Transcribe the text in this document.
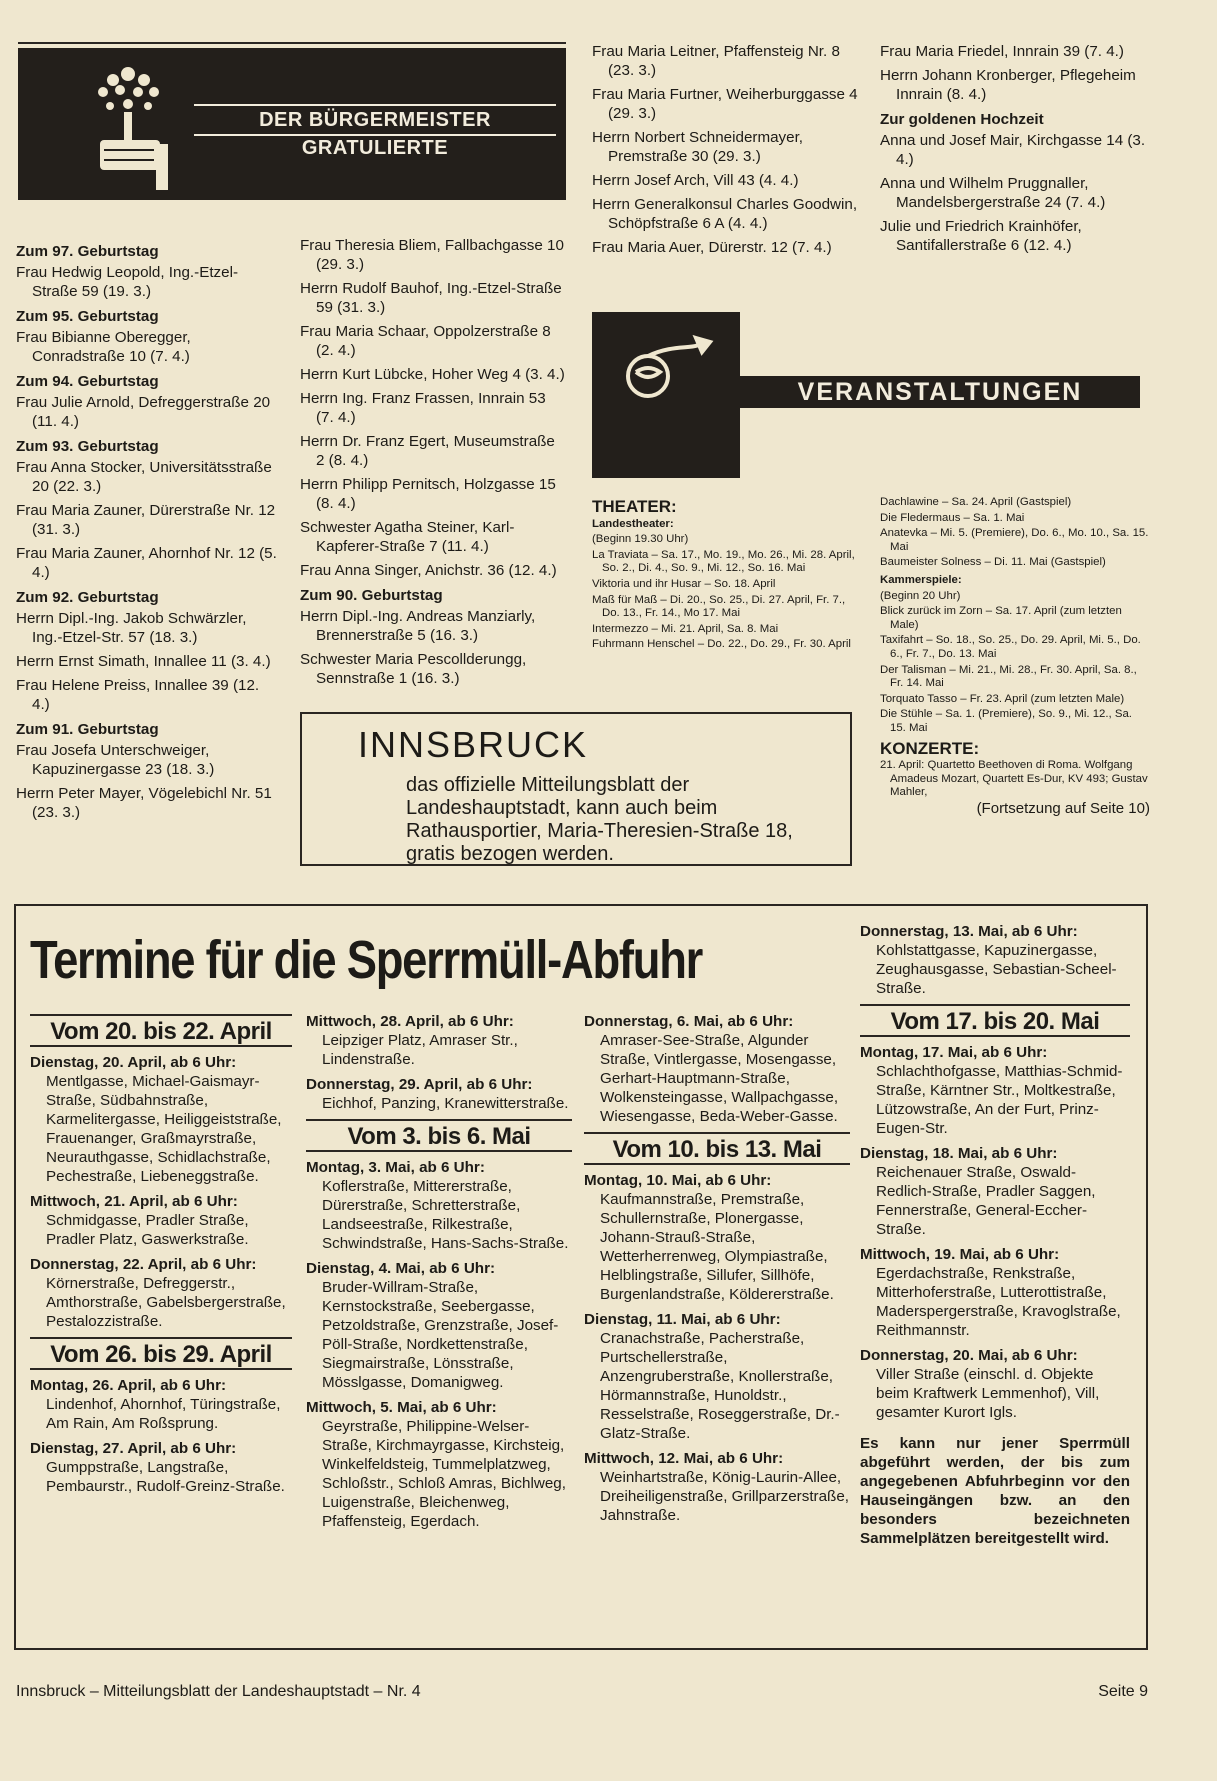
DER BÜRGERMEISTER GRATULIERTE

Zum 97. Geburtstag

Frau Hedwig Leopold, Ing.-Etzel-Straße 59 (19. 3.)

Zum 95. Geburtstag

Frau Bibianne Oberegger, Conradstraße 10 (7. 4.)

Zum 94. Geburtstag

Frau Julie Arnold, Defreggerstraße 20 (11. 4.)

Zum 93. Geburtstag

Frau Anna Stocker, Universitätsstraße 20 (22. 3.)

Frau Maria Zauner, Dürerstraße Nr. 12 (31. 3.)

Frau Maria Zauner, Ahornhof Nr. 12 (5. 4.)

Zum 92. Geburtstag

Herrn Dipl.-Ing. Jakob Schwärzler, Ing.-Etzel-Str. 57 (18. 3.)

Herrn Ernst Simath, Innallee 11 (3. 4.)

Frau Helene Preiss, Innallee 39 (12. 4.)

Zum 91. Geburtstag

Frau Josefa Unterschweiger, Kapuzinergasse 23 (18. 3.)

Herrn Peter Mayer, Vögelebichl Nr. 51 (23. 3.)

Frau Theresia Bliem, Fallbachgasse 10 (29. 3.)

Herrn Rudolf Bauhof, Ing.-Etzel-Straße 59 (31. 3.)

Frau Maria Schaar, Oppolzerstraße 8 (2. 4.)

Herrn Kurt Lübcke, Hoher Weg 4 (3. 4.)

Herrn Ing. Franz Frassen, Innrain 53 (7. 4.)

Herrn Dr. Franz Egert, Museumstraße 2 (8. 4.)

Herrn Philipp Pernitsch, Holzgasse 15 (8. 4.)

Schwester Agatha Steiner, Karl-Kapferer-Straße 7 (11. 4.)

Frau Anna Singer, Anichstr. 36 (12. 4.)

Zum 90. Geburtstag

Herrn Dipl.-Ing. Andreas Manziarly, Brennerstraße 5 (16. 3.)

Schwester Maria Pescollderungg, Sennstraße 1 (16. 3.)

Frau Maria Leitner, Pfaffensteig Nr. 8 (23. 3.)

Frau Maria Furtner, Weiherburggasse 4 (29. 3.)

Herrn Norbert Schneidermayer, Premstraße 30 (29. 3.)

Herrn Josef Arch, Vill 43 (4. 4.)

Herrn Generalkonsul Charles Goodwin, Schöpfstraße 6 A (4. 4.)

Frau Maria Auer, Dürerstr. 12 (7. 4.)

Frau Maria Friedel, Innrain 39 (7. 4.)

Herrn Johann Kronberger, Pflegeheim Innrain (8. 4.)

Zur goldenen Hochzeit

Anna und Josef Mair, Kirchgasse 14 (3. 4.)

Anna und Wilhelm Pruggnaller, Mandelsbergerstraße 24 (7. 4.)

Julie und Friedrich Krainhöfer, Santifallerstraße 6 (12. 4.)

INNSBRUCK
das offizielle Mitteilungsblatt der Landeshauptstadt, kann auch beim Rathausportier, Maria-Theresien-Straße 18, gratis bezogen werden.
VERANSTALTUNGEN
THEATER:

Landestheater:

(Beginn 19.30 Uhr)

La Traviata – Sa. 17., Mo. 19., Mo. 26., Mi. 28. April, So. 2., Di. 4., So. 9., Mi. 12., So. 16. Mai

Viktoria und ihr Husar – So. 18. April

Maß für Maß – Di. 20., So. 25., Di. 27. April, Fr. 7., Do. 13., Fr. 14., Mo 17. Mai

Intermezzo – Mi. 21. April, Sa. 8. Mai

Fuhrmann Henschel – Do. 22., Do. 29., Fr. 30. April

Dachlawine – Sa. 24. April (Gastspiel)

Die Fledermaus – Sa. 1. Mai

Anatevka – Mi. 5. (Premiere), Do. 6., Mo. 10., Sa. 15. Mai

Baumeister Solness – Di. 11. Mai (Gastspiel)

Kammerspiele:

(Beginn 20 Uhr)

Blick zurück im Zorn – Sa. 17. April (zum letzten Male)

Taxifahrt – So. 18., So. 25., Do. 29. April, Mi. 5., Do. 6., Fr. 7., Do. 13. Mai

Der Talisman – Mi. 21., Mi. 28., Fr. 30. April, Sa. 8., Fr. 14. Mai

Torquato Tasso – Fr. 23. April (zum letzten Male)

Die Stühle – Sa. 1. (Premiere), So. 9., Mi. 12., Sa. 15. Mai

KONZERTE:

21. April: Quartetto Beethoven di Roma. Wolfgang Amadeus Mozart, Quartett Es-Dur, KV 493; Gustav Mahler,

(Fortsetzung auf Seite 10)
Termine für die Sperrmüll-Abfuhr
Vom 20. bis 22. April

Dienstag, 20. April, ab 6 Uhr:

Mentlgasse, Michael-Gaismayr-Straße, Südbahnstraße, Karmelitergasse, Heiliggeiststraße, Frauenanger, Graßmayrstraße, Neurauthgasse, Schidlachstraße, Pechestraße, Liebeneggstraße.

Mittwoch, 21. April, ab 6 Uhr:

Schmidgasse, Pradler Straße, Pradler Platz, Gaswerkstraße.

Donnerstag, 22. April, ab 6 Uhr:

Körnerstraße, Defreggerstr., Amthorstraße, Gabelsbergerstraße, Pestalozzistraße.

Vom 26. bis 29. April

Montag, 26. April, ab 6 Uhr:

Lindenhof, Ahornhof, Türingstraße, Am Rain, Am Roßsprung.

Dienstag, 27. April, ab 6 Uhr:

Gumppstraße, Langstraße, Pembaurstr., Rudolf-Greinz-Straße.

Mittwoch, 28. April, ab 6 Uhr:

Leipziger Platz, Amraser Str., Lindenstraße.

Donnerstag, 29. April, ab 6 Uhr:

Eichhof, Panzing, Kranewitterstraße.

Vom 3. bis 6. Mai

Montag, 3. Mai, ab 6 Uhr:

Koflerstraße, Mittererstraße, Dürerstraße, Schretterstraße, Landseestraße, Rilkestraße, Schwindstraße, Hans-Sachs-Straße.

Dienstag, 4. Mai, ab 6 Uhr:

Bruder-Willram-Straße, Kernstockstraße, Seebergasse, Petzoldstraße, Grenzstraße, Josef-Pöll-Straße, Nordkettenstraße, Siegmairstraße, Lönsstraße, Mösslgasse, Domanigweg.

Mittwoch, 5. Mai, ab 6 Uhr:

Geyrstraße, Philippine-Welser-Straße, Kirchmayrgasse, Kirchsteig, Winkelfeldsteig, Tummelplatzweg, Schloßstr., Schloß Amras, Bichlweg, Luigenstraße, Bleichenweg, Pfaffensteig, Egerdach.

Donnerstag, 6. Mai, ab 6 Uhr:

Amraser-See-Straße, Algunder Straße, Vintlergasse, Mosengasse, Gerhart-Hauptmann-Straße, Wolkensteingasse, Wallpachgasse, Wiesengasse, Beda-Weber-Gasse.

Vom 10. bis 13. Mai

Montag, 10. Mai, ab 6 Uhr:

Kaufmannstraße, Premstraße, Schullernstraße, Plonergasse, Johann-Strauß-Straße, Wetterherrenweg, Olympiastraße, Helblingstraße, Sillufer, Sillhöfe, Burgenlandstraße, Köldererstraße.

Dienstag, 11. Mai, ab 6 Uhr:

Cranachstraße, Pacherstraße, Purtschellerstraße, Anzengruberstraße, Knollerstraße, Hörmannstraße, Hunoldstr., Resselstraße, Roseggerstraße, Dr.-Glatz-Straße.

Mittwoch, 12. Mai, ab 6 Uhr:

Weinhartstraße, König-Laurin-Allee, Dreiheiligenstraße, Grillparzerstraße, Jahnstraße.

Donnerstag, 13. Mai, ab 6 Uhr:

Kohlstattgasse, Kapuzinergasse, Zeughausgasse, Sebastian-Scheel-Straße.

Vom 17. bis 20. Mai

Montag, 17. Mai, ab 6 Uhr:

Schlachthofgasse, Matthias-Schmid-Straße, Kärntner Str., Moltkestraße, Lützowstraße, An der Furt, Prinz-Eugen-Str.

Dienstag, 18. Mai, ab 6 Uhr:

Reichenauer Straße, Oswald-Redlich-Straße, Pradler Saggen, Fennerstraße, General-Eccher-Straße.

Mittwoch, 19. Mai, ab 6 Uhr:

Egerdachstraße, Renkstraße, Mitterhoferstraße, Lutterottistraße, Maderspergerstraße, Kravoglstraße, Reithmannstr.

Donnerstag, 20. Mai, ab 6 Uhr:

Viller Straße (einschl. d. Objekte beim Kraftwerk Lemmenhof), Vill, gesamter Kurort Igls.

Es kann nur jener Sperrmüll abgeführt werden, der bis zum angegebenen Abfuhrbeginn vor den Hauseingängen bzw. an den besonders bezeichneten Sammelplätzen bereitgestellt wird.

Innsbruck – Mitteilungsblatt der Landeshauptstadt – Nr. 4	Seite 9
